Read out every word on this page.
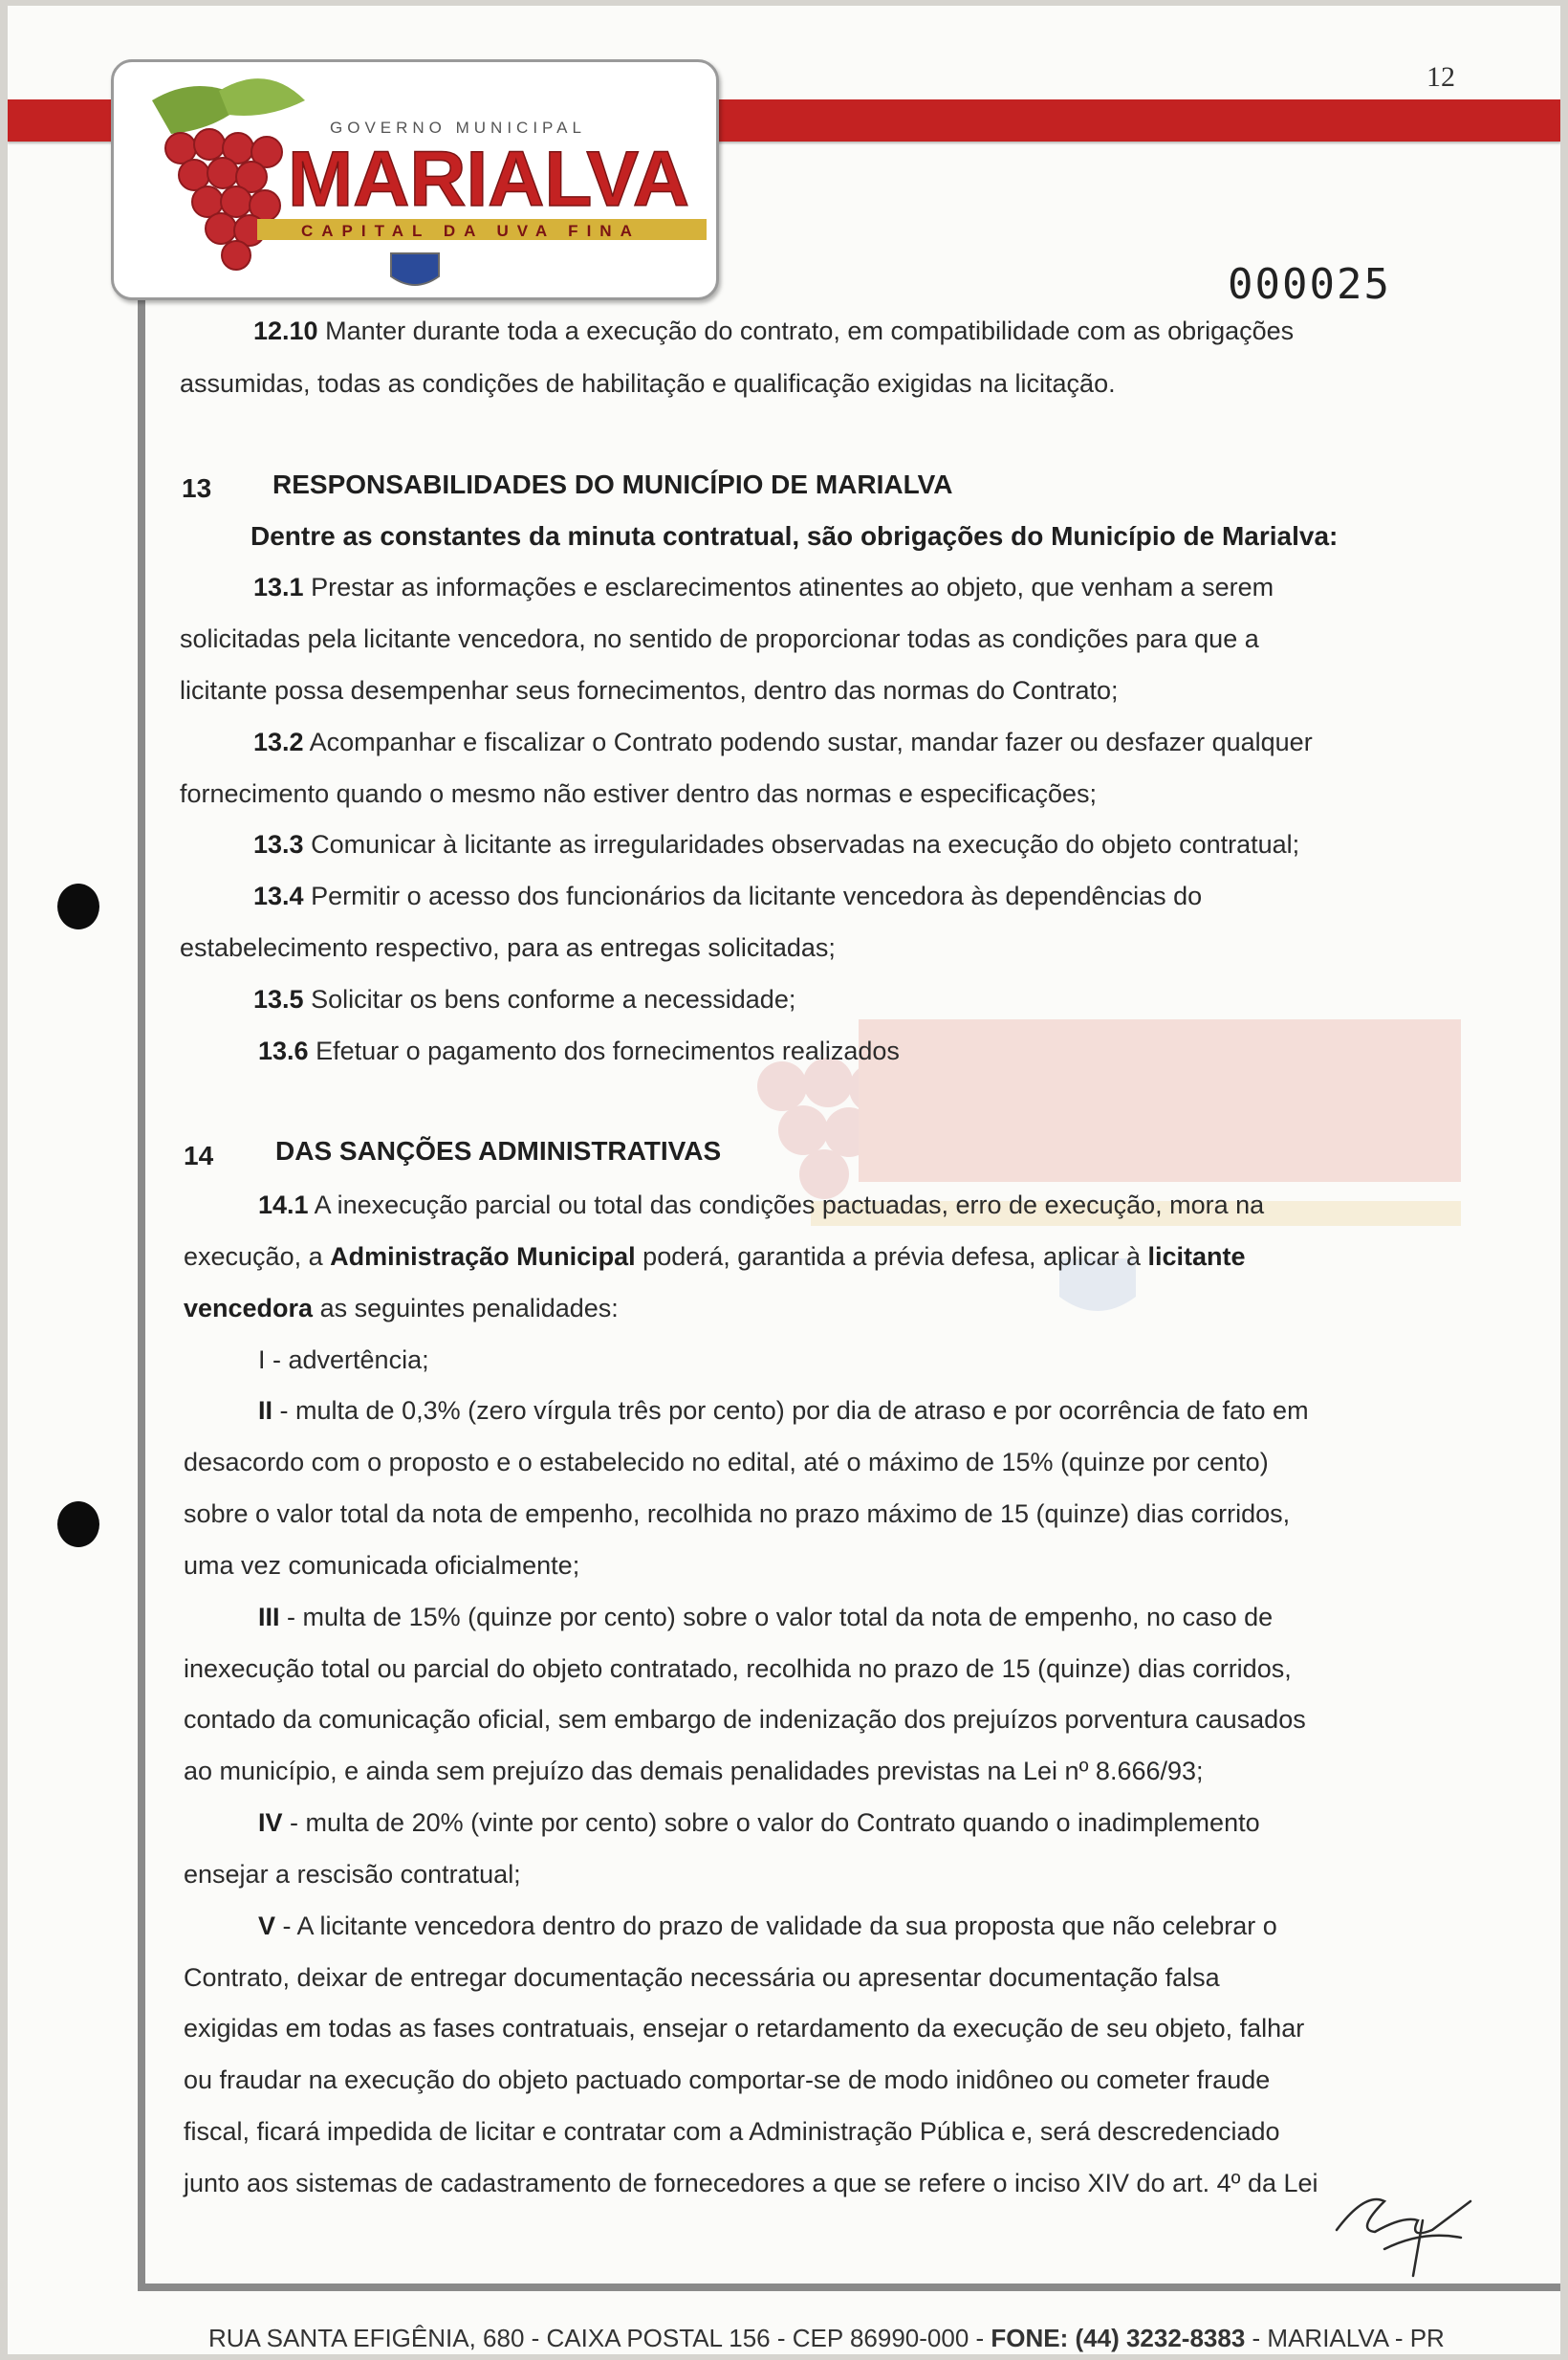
GOVERNO MUNICIPAL
MARIALVA
CAPITAL DA UVA FINA
12
000025
12.10 Manter durante toda a execução do contrato, em compatibilidade com as obrigações
assumidas, todas as condições de habilitação e qualificação exigidas na licitação.
13 RESPONSABILIDADES DO MUNICÍPIO DE MARIALVA
Dentre as constantes da minuta contratual, são obrigações do Município de Marialva:
13.1 Prestar as informações e esclarecimentos atinentes ao objeto, que venham a serem
solicitadas pela licitante vencedora, no sentido de proporcionar todas as condições para que a
licitante possa desempenhar seus fornecimentos, dentro das normas do Contrato;
13.2 Acompanhar e fiscalizar o Contrato podendo sustar, mandar fazer ou desfazer qualquer
fornecimento quando o mesmo não estiver dentro das normas e especificações;
13.3 Comunicar à licitante as irregularidades observadas na execução do objeto contratual;
13.4 Permitir o acesso dos funcionários da licitante vencedora às dependências do
estabelecimento respectivo, para as entregas solicitadas;
13.5 Solicitar os bens conforme a necessidade;
13.6 Efetuar o pagamento dos fornecimentos realizados
14 DAS SANÇÕES ADMINISTRATIVAS
14.1 A inexecução parcial ou total das condições pactuadas, erro de execução, mora na
execução, a Administração Municipal poderá, garantida a prévia defesa, aplicar à licitante
vencedora as seguintes penalidades:
I - advertência;
II - multa de 0,3% (zero vírgula três por cento) por dia de atraso e por ocorrência de fato em
desacordo com o proposto e o estabelecido no edital, até o máximo de 15% (quinze por cento)
sobre o valor total da nota de empenho, recolhida no prazo máximo de 15 (quinze) dias corridos,
uma vez comunicada oficialmente;
III - multa de 15% (quinze por cento) sobre o valor total da nota de empenho, no caso de
inexecução total ou parcial do objeto contratado, recolhida no prazo de 15 (quinze) dias corridos,
contado da comunicação oficial, sem embargo de indenização dos prejuízos porventura causados
ao município, e ainda sem prejuízo das demais penalidades previstas na Lei nº 8.666/93;
IV - multa de 20% (vinte por cento) sobre o valor do Contrato quando o inadimplemento
ensejar a rescisão contratual;
V - A licitante vencedora dentro do prazo de validade da sua proposta que não celebrar o
Contrato, deixar de entregar documentação necessária ou apresentar documentação falsa
exigidas em todas as fases contratuais, ensejar o retardamento da execução de seu objeto, falhar
ou fraudar na execução do objeto pactuado comportar-se de modo inidôneo ou cometer fraude
fiscal, ficará impedida de licitar e contratar com a Administração Pública e, será descredenciado
junto aos sistemas de cadastramento de fornecedores a que se refere o inciso XIV do art. 4º da Lei
RUA SANTA EFIGÊNIA, 680 - CAIXA POSTAL 156 - CEP 86990-000 - FONE: (44) 3232-8383 - MARIALVA - PR
